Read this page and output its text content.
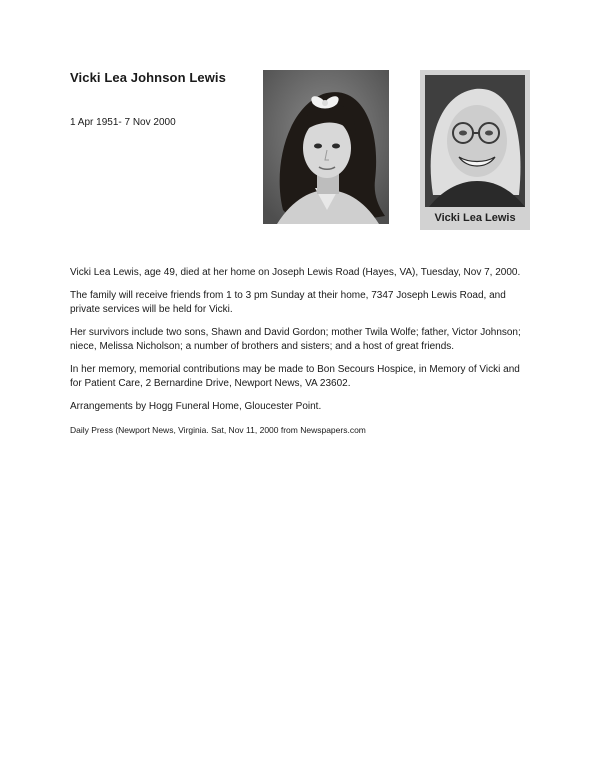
Vicki Lea Johnson Lewis
1 Apr 1951- 7 Nov 2000
Vicki Lea Lewis

Vicki Lea Lewis, age 49, died at her home on Joseph Lewis Road (Hayes, VA), Tuesday, Nov 7, 2000.

The family will receive friends from 1 to 3 pm Sunday at their home, 7347 Joseph Lewis Road, and private services will be held for Vicki.

Her survivors include two sons, Shawn and David Gordon; mother Twila Wolfe; father, Victor Johnson; niece, Melissa Nicholson; a number of brothers and sisters; and a host of great friends.

In her memory, memorial contributions may be made to Bon Secours Hospice, in Memory of Vicki and for Patient Care, 2 Bernardine Drive, Newport News, VA 23602.

Arrangements by Hogg Funeral Home, Gloucester Point.

Daily Press (Newport News, Virginia. Sat, Nov 11, 2000 from Newspapers.com
